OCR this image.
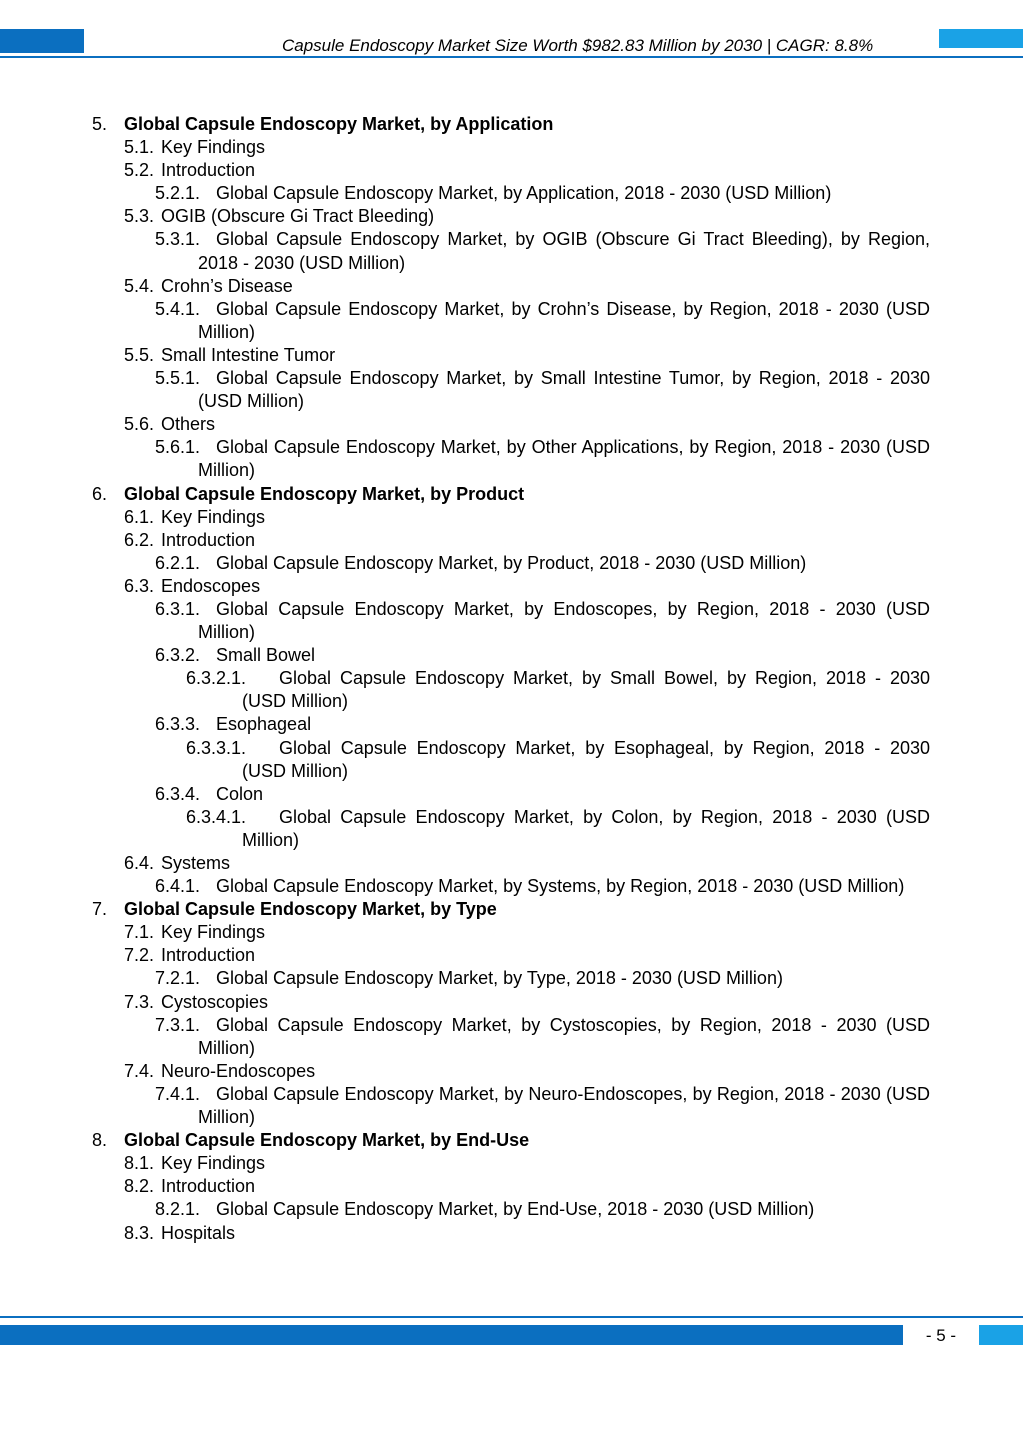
Capsule Endoscopy Market Size Worth $982.83 Million by 2030 | CAGR: 8.8%
5. Global Capsule Endoscopy Market, by Application
5.1. Key Findings
5.2. Introduction
5.2.1. Global Capsule Endoscopy Market, by Application, 2018 - 2030 (USD Million)
5.3. OGIB (Obscure Gi Tract Bleeding)
5.3.1. Global Capsule Endoscopy Market, by OGIB (Obscure Gi Tract Bleeding), by Region, 2018 - 2030 (USD Million)
5.4. Crohn’s Disease
5.4.1. Global Capsule Endoscopy Market, by Crohn’s Disease, by Region, 2018 - 2030 (USD Million)
5.5. Small Intestine Tumor
5.5.1. Global Capsule Endoscopy Market, by Small Intestine Tumor, by Region, 2018 - 2030 (USD Million)
5.6. Others
5.6.1. Global Capsule Endoscopy Market, by Other Applications, by Region, 2018 - 2030 (USD Million)
6. Global Capsule Endoscopy Market, by Product
6.1. Key Findings
6.2. Introduction
6.2.1. Global Capsule Endoscopy Market, by Product, 2018 - 2030 (USD Million)
6.3. Endoscopes
6.3.1. Global Capsule Endoscopy Market, by Endoscopes, by Region, 2018 - 2030 (USD Million)
6.3.2. Small Bowel
6.3.2.1.	Global Capsule Endoscopy Market, by Small Bowel, by Region, 2018 - 2030 (USD Million)
6.3.3. Esophageal
6.3.3.1.	Global Capsule Endoscopy Market, by Esophageal, by Region, 2018 - 2030 (USD Million)
6.3.4. Colon
6.3.4.1.	Global Capsule Endoscopy Market, by Colon, by Region, 2018 - 2030 (USD Million)
6.4. Systems
6.4.1. Global Capsule Endoscopy Market, by Systems, by Region, 2018 - 2030 (USD Million)
7. Global Capsule Endoscopy Market, by Type
7.1. Key Findings
7.2. Introduction
7.2.1. Global Capsule Endoscopy Market, by Type, 2018 - 2030 (USD Million)
7.3. Cystoscopies
7.3.1. Global Capsule Endoscopy Market, by Cystoscopies, by Region, 2018 - 2030 (USD Million)
7.4. Neuro-Endoscopes
7.4.1. Global Capsule Endoscopy Market, by Neuro-Endoscopes, by Region, 2018 - 2030 (USD Million)
8. Global Capsule Endoscopy Market, by End-Use
8.1. Key Findings
8.2. Introduction
8.2.1. Global Capsule Endoscopy Market, by End-Use, 2018 - 2030 (USD Million)
8.3. Hospitals
- 5 -
